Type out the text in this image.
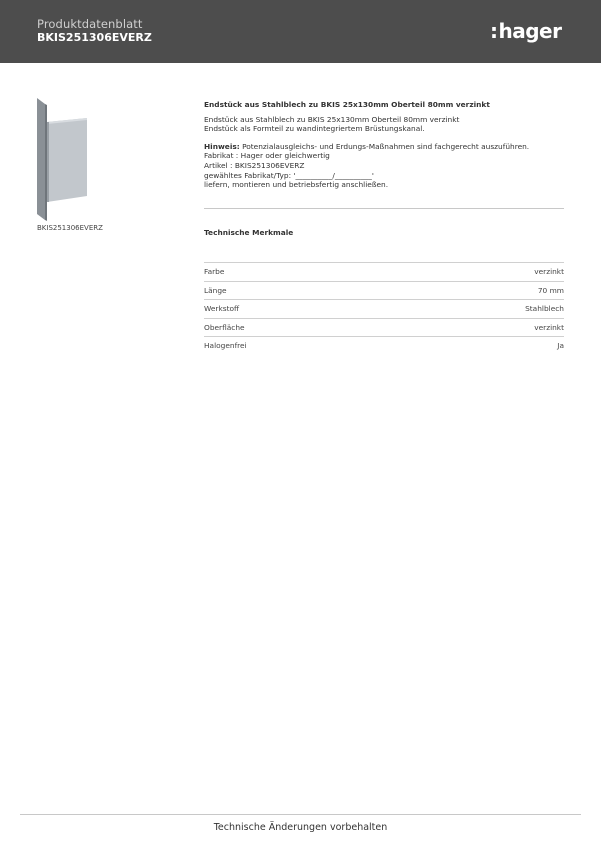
Produktdatenblatt
BKIS251306EVERZ	:hager
BKIS251306EVERZ
Endstück aus Stahlblech zu BKIS 25x130mm Oberteil 80mm verzinkt
Endstück aus Stahlblech zu BKIS 25x130mm Oberteil 80mm verzinkt
Endstück als Formteil zu wandintegriertem Brüstungskanal.
Hinweis: Potenzialausgleichs- und Erdungs-Maßnahmen sind fachgerecht auszuführen.
Fabrikat : Hager oder gleichwertig
Artikel : BKIS251306EVERZ
gewähltes Fabrikat/Typ: '__________/__________'
liefern, montieren und betriebsfertig anschließen.
Technische Merkmale
Farbe	verzinkt
Länge	70 mm
Werkstoff	Stahlblech
Oberfläche	verzinkt
Halogenfrei	Ja
Technische Änderungen vorbehalten
